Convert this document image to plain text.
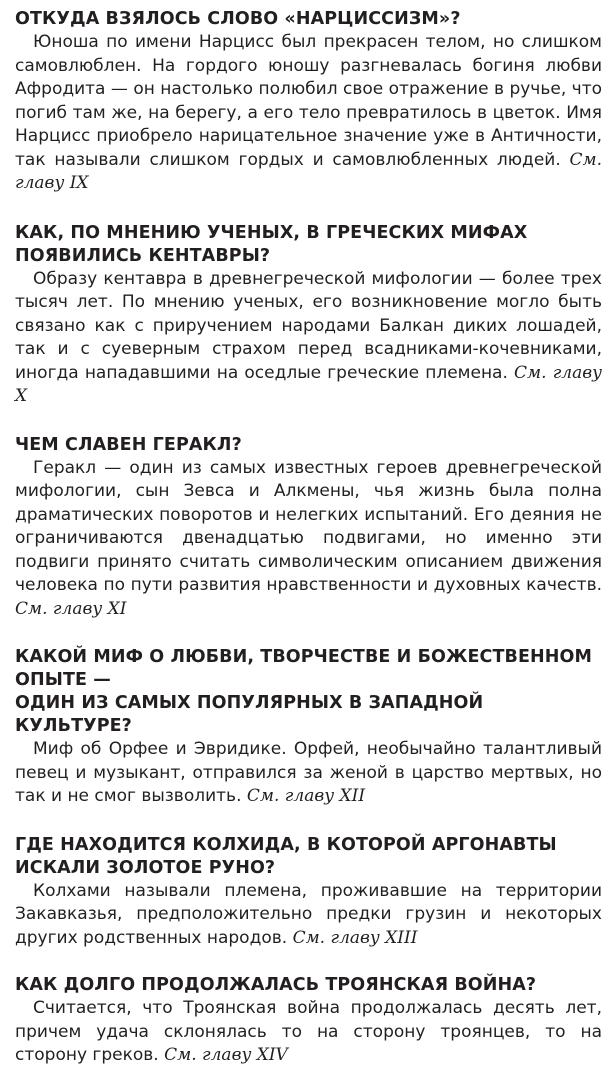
ОТКУДА ВЗЯЛОСЬ СЛОВО «НАРЦИССИЗМ»?

Юноша по имени Нарцисс был прекрасен телом, но слишком самовлюблен. На гордого юношу разгневалась богиня любви Афродита — он настолько полюбил свое отражение в ручье, что погиб там же, на берегу, а его тело превратилось в цветок. Имя Нарцисс приобрело нарицательное значение уже в Античности, так называли слишком гордых и самовлюбленных людей. См. главу IX

КАК, ПО МНЕНИЮ УЧЕНЫХ, В ГРЕЧЕСКИХ МИФАХ
ПОЯВИЛИСЬ КЕНТАВРЫ?

Образу кентавра в древнегреческой мифологии — более трех тысяч лет. По мнению ученых, его возникновение могло быть связано как с приручением народами Балкан диких лошадей, так и с суеверным страхом перед всадниками-кочевниками, иногда нападавшими на оседлые греческие племена. См. главу X

ЧЕМ СЛАВЕН ГЕРАКЛ?

Геракл — один из самых известных героев древнегреческой мифологии, сын Зевса и Алкмены, чья жизнь была полна драматических поворотов и нелегких испытаний. Его деяния не ограничиваются двенадцатью подвигами, но именно эти подвиги принято считать символическим описанием движения человека по пути развития нравственности и духовных качеств. См. главу XI

КАКОЙ МИФ О ЛЮБВИ, ТВОРЧЕСТВЕ И БОЖЕСТВЕННОМ ОПЫТЕ —
ОДИН ИЗ САМЫХ ПОПУЛЯРНЫХ В ЗАПАДНОЙ КУЛЬТУРЕ?

Миф об Орфее и Эвридике. Орфей, необычайно талантливый певец и музыкант, отправился за женой в царство мертвых, но так и не смог вызволить. См. главу XII

ГДЕ НАХОДИТСЯ КОЛХИДА, В КОТОРОЙ АРГОНАВТЫ
ИСКАЛИ ЗОЛОТОЕ РУНО?

Колхами называли племена, проживавшие на территории Закавказья, предположительно предки грузин и некоторых других родственных народов. См. главу XIII

КАК ДОЛГО ПРОДОЛЖАЛАСЬ ТРОЯНСКАЯ ВОЙНА?

Считается, что Троянская война продолжалась десять лет, причем удача склонялась то на сторону троянцев, то на сторону греков. См. главу XIV
